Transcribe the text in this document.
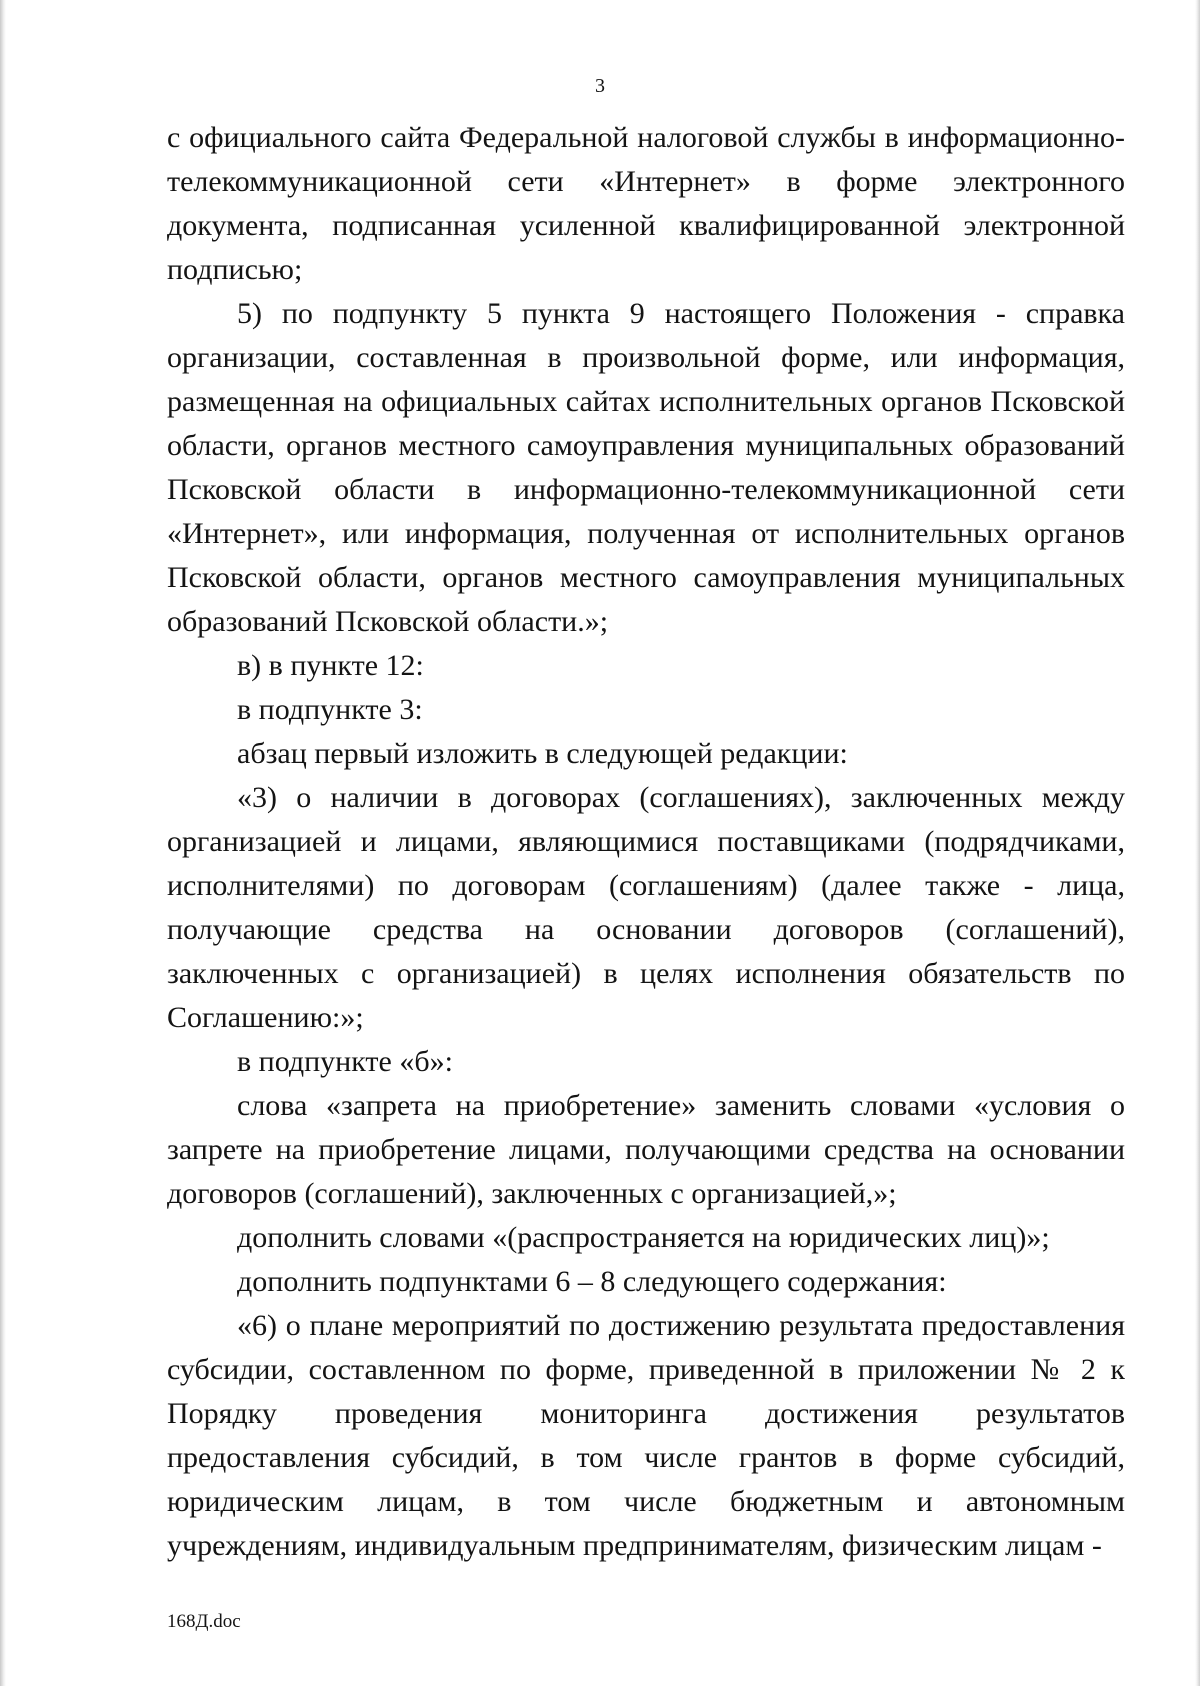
3

с официального сайта Федеральной налоговой службы в информационно-телекоммуникационной сети «Интернет» в форме электронного документа, подписанная усиленной квалифицированной электронной подписью;

5) по подпункту 5 пункта 9 настоящего Положения - справка организации, составленная в произвольной форме, или информация, размещенная на официальных сайтах исполнительных органов Псковской области, органов местного самоуправления муниципальных образований Псковской области в информационно-телекоммуникационной сети «Интернет», или информация, полученная от исполнительных органов Псковской области, органов местного самоуправления муниципальных образований Псковской области.»;

в) в пункте 12:

в подпункте 3:

абзац первый изложить в следующей редакции:

«3) о наличии в договорах (соглашениях), заключенных между организацией и лицами, являющимися поставщиками (подрядчиками, исполнителями) по договорам (соглашениям) (далее также - лица, получающие средства на основании договоров (соглашений), заключенных с организацией) в целях исполнения обязательств по Соглашению:»;

в подпункте «б»:

слова «запрета на приобретение» заменить словами «условия о запрете на приобретение лицами, получающими средства на основании договоров (соглашений), заключенных с организацией,»;

дополнить словами «(распространяется на юридических лиц)»;

дополнить подпунктами 6 – 8 следующего содержания:

«6) о плане мероприятий по достижению результата предоставления субсидии, составленном по форме, приведенной в приложении № 2 к Порядку проведения мониторинга достижения результатов предоставления субсидий, в том числе грантов в форме субсидий, юридическим лицам, в том числе бюджетным и автономным учреждениям, индивидуальным предпринимателям, физическим лицам -

168Д.doc
